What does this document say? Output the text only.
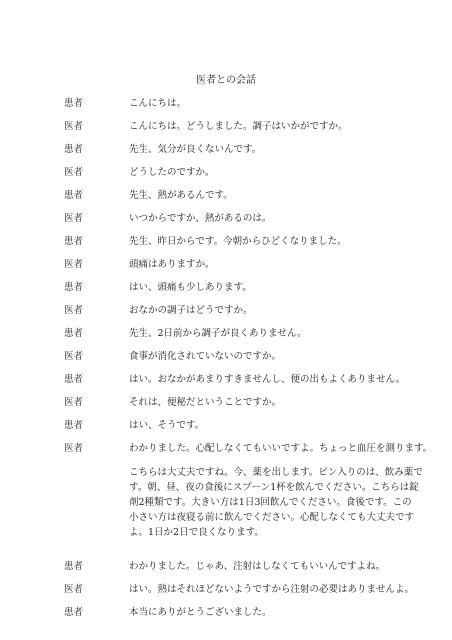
医者との会話
患者	こんにちは。
医者	こんにちは。どうしました。調子はいかがですか。
患者	先生、気分が良くないんです。
医者	どうしたのですか。
患者	先生、熱があるんです。
医者	いつからですか、熱があるのは。
患者	先生、昨日からです。今朝からひどくなりました。
医者	頭痛はありますか。
患者	はい、頭痛も少しあります。
医者	おなかの調子はどうですか。
患者	先生、2日前から調子が良くありません。
医者	食事が消化されていないのですか。
患者	はい。おなかがあまりすきませんし、便の出もよくありません。
医者	それは、便秘だということですか。
患者	はい、そうです。
医者	わかりました。心配しなくてもいいですよ。ちょっと血圧を測ります。
こちらは大丈夫ですね。今、薬を出します。ビン入りのは、飲み薬で
す。朝、昼、夜の食後にスプーン1杯を飲んでください。こちらは錠
剤2種類です。大きい方は1日3回飲んでください。食後です。この
小さい方は夜寝る前に飲んでください。心配しなくても大丈夫です
よ。1日か2日で良くなります。
患者	わかりました。じゃあ、注射はしなくてもいいんですよね。
医者	はい。熱はそれほどないようですから注射の必要はありませんよ。
患者	本当にありがとうございました。
